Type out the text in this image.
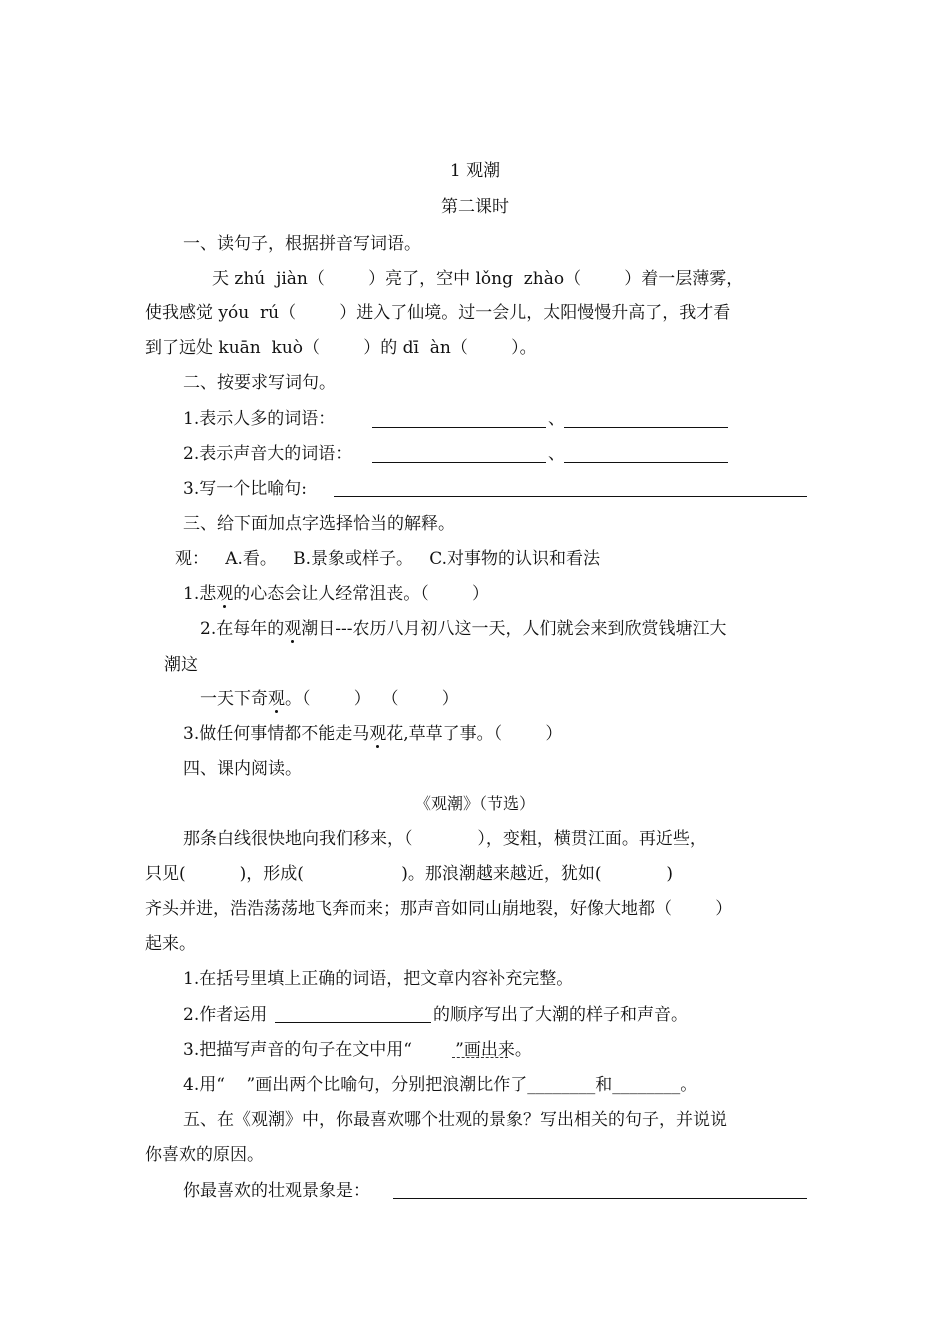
1 观潮
第二课时
一、读句子，根据拼音写词语。
天 zhú  jiàn（        ）亮了，空中 lǒng  zhào（        ）着一层薄雾，
使我感觉 yóu  rú（        ）进入了仙境。过一会儿，太阳慢慢升高了，我才看
到了远处 kuān  kuò（        ）的 dī  àn（        ）。
二、按要求写词句。
1.表示人多的词语：	、
2.表示声音大的词语：	、
3.写一个比喻句:
三、给下面加点字选择恰当的解释。
观：   A.看。   B.景象或样子。   C.对事物的认识和看法
1.悲观的心态会让人经常沮丧。（        ）
2.在每年的观潮日---农历八月初八这一天，人们就会来到欣赏钱塘江大
潮这
一天下奇观。（        ）  （        ）
3.做任何事情都不能走马观花,草草了事。（        ）
四、课内阅读。
《观潮》（节选）
那条白线很快地向我们移来，（            ），变粗，横贯江面。再近些，
只见(          )，形成(                  )。那浪潮越来越近，犹如(            )
齐头并进，浩浩荡荡地飞奔而来；那声音如同山崩地裂，好像大地都（        ）
起来。
1.在括号里填上正确的词语，把文章内容补充完整。
2.作者运用	的顺序写出了大潮的样子和声音。
3.把描写声音的句子在文中用“        ”画出来。
4.用“    ”画出两个比喻句，分别把浪潮比作了________和________。
五、在《观潮》中，你最喜欢哪个壮观的景象？写出相关的句子，并说说
你喜欢的原因。
你最喜欢的壮观景象是：
